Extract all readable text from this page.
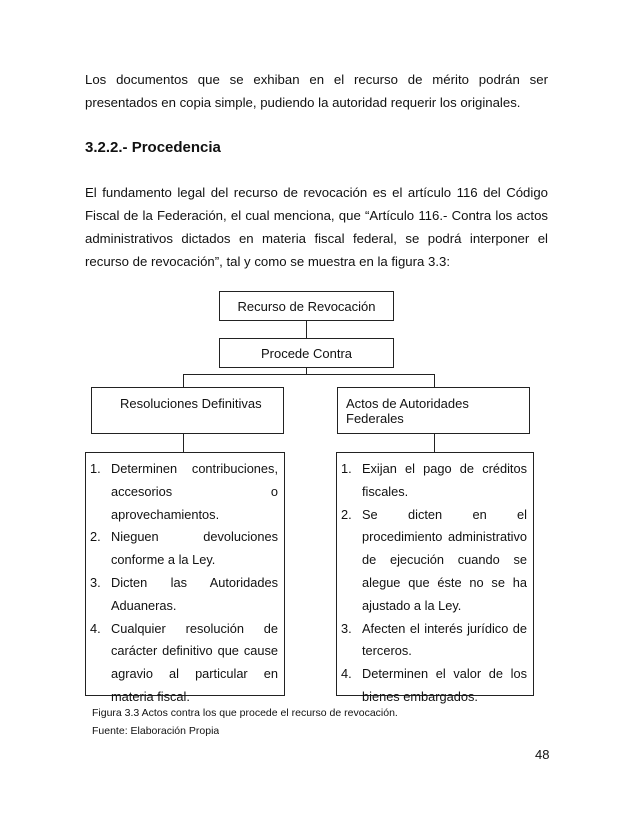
Los documentos que se exhiban en el recurso de mérito podrán ser presentados en copia simple, pudiendo la autoridad requerir los originales.

3.2.2.- Procedencia

El fundamento legal del recurso de revocación es el artículo 116 del Código Fiscal de la Federación, el cual menciona, que “Artículo 116.- Contra los actos administrativos dictados en materia fiscal federal, se podrá interponer el recurso de revocación”, tal y como se muestra en la figura 3.3:

Recurso de Revocación
Procede Contra
Resoluciones Definitivas	Actos de Autoridades Federales
1. Determinen contribuciones, accesorios o aprovechamientos.
2. Nieguen devoluciones conforme a la Ley.
3. Dicten las Autoridades Aduaneras.
4. Cualquier resolución de carácter definitivo que cause agravio al particular en materia fiscal.
1. Exijan el pago de créditos fiscales.
2. Se dicten en el procedimiento administrativo de ejecución cuando se alegue que éste no se ha ajustado a la Ley.
3. Afecten el interés jurídico de terceros.
4. Determinen el valor de los bienes embargados.

Figura 3.3 Actos contra los que procede el recurso de revocación.

Fuente: Elaboración Propia

48
